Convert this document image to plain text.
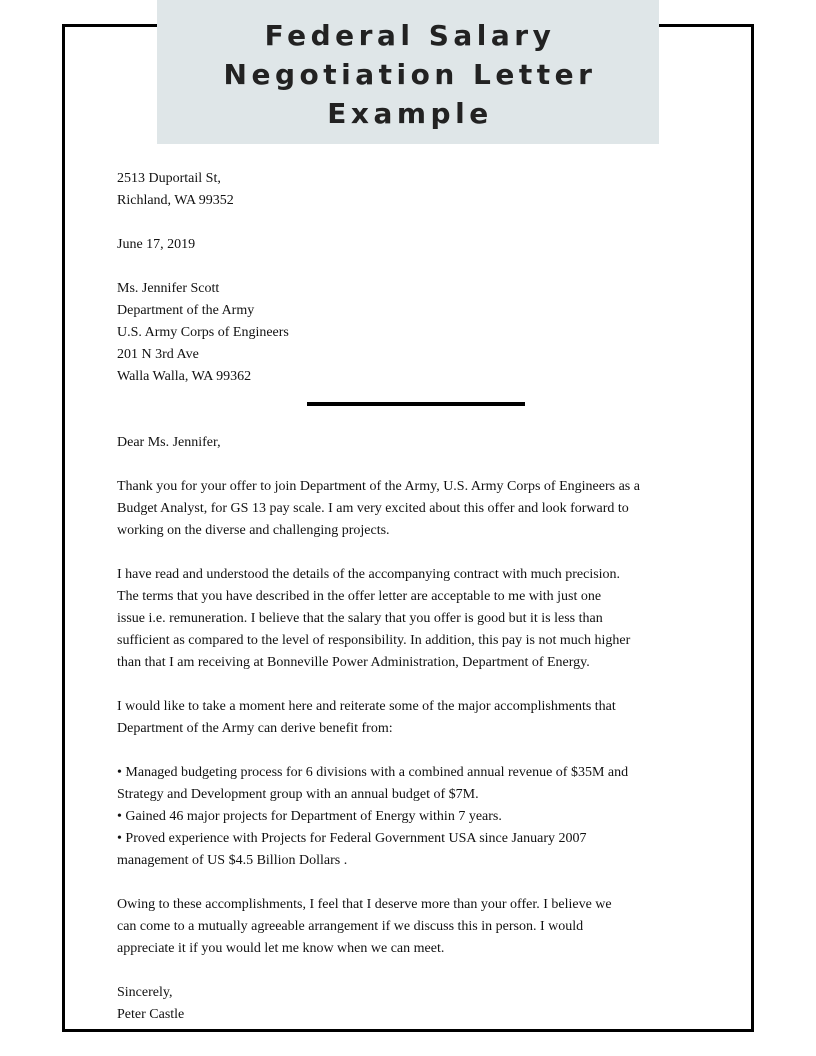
Federal Salary
Negotiation Letter
Example
2513 Duportail St,
Richland, WA 99352
June 17, 2019
Ms. Jennifer Scott
Department of the Army
U.S. Army Corps of Engineers
201 N 3rd Ave
Walla Walla, WA 99362
Dear Ms. Jennifer,
Thank you for your offer to join Department of the Army, U.S. Army Corps of Engineers as a
Budget Analyst, for GS 13 pay scale. I am very excited about this offer and look forward to
working on the diverse and challenging projects.
I have read and understood the details of the accompanying contract with much precision.
The terms that you have described in the offer letter are acceptable to me with just one
issue i.e. remuneration. I believe that the salary that you offer is good but it is less than
sufficient as compared to the level of responsibility. In addition, this pay is not much higher
than that I am receiving at Bonneville Power Administration, Department of Energy.
I would like to take a moment here and reiterate some of the major accomplishments that
Department of the Army can derive benefit from:
• Managed budgeting process for 6 divisions with a combined annual revenue of $35M and
Strategy and Development group with an annual budget of $7M.
• Gained 46 major projects for Department of Energy within 7 years.
• Proved experience with Projects for Federal Government USA since January 2007
management of US $4.5 Billion Dollars .
Owing to these accomplishments, I feel that I deserve more than your offer. I believe we
can come to a mutually agreeable arrangement if we discuss this in person. I would
appreciate it if you would let me know when we can meet.
Sincerely,
Peter Castle
